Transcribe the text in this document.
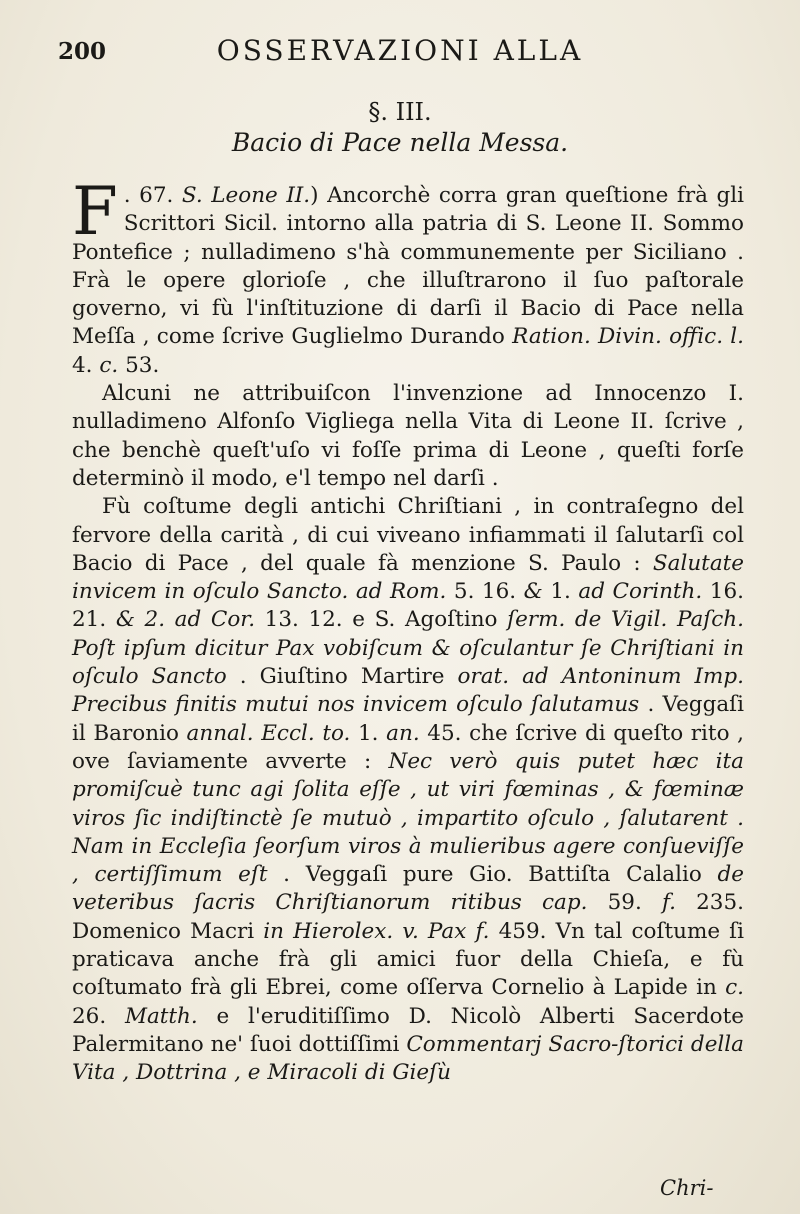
OSSERVAZIONI ALLA
200
§. III.
Bacio di Pace nella Messa.

F . 67. S. Leone II.) Ancorchè corra gran queſtione frà gli Scrittori Sicil. intorno alla patria di S. Leone II. Sommo Pontefice ; nulladimeno s'hà communemente per Siciliano . Frà le opere glorioſe , che illuſtrarono il ſuo paſtorale governo, vi fù l'inſtituzione di darſi il Bacio di Pace nella Meſſa , come ſcrive Guglielmo Durando Ration. Divin. offic. l. 4. c. 53.

Alcuni ne attribuiſcon l'invenzione ad Innocenzo I. nulladimeno Alfonſo Vigliega nella Vita di Leone II. ſcrive , che benchè queſt'uſo vi foſſe prima di Leone , queſti forſe determinò il modo, e'l tempo nel darſi .

Fù coſtume degli antichi Chriſtiani , in contraſegno del fervore della carità , di cui viveano infiammati il ſalutarſi col Bacio di Pace , del quale fà menzione S. Paulo : Salutate invicem in oſculo Sancto. ad Rom. 5. 16. & 1. ad Corinth. 16. 21. & 2. ad Cor. 13. 12. e S. Agoſtino ſerm. de Vigil. Paſch. Poſt ipſum dicitur Pax vobiſcum & oſculantur ſe Chriſtiani in oſculo Sancto . Giuſtino Martire orat. ad Antoninum Imp. Precibus finitis mutui nos invicem oſculo ſalutamus . Veggaſi il Baronio annal. Eccl. to. 1. an. 45. che ſcrive di queſto rito , ove ſaviamente avverte : Nec verò quis putet hæc ita promiſcuè tunc agi ſolita eſſe , ut viri fœminas , & fœminæ viros ſic indiſtinctè ſe mutuò , impartito oſculo , ſalutarent . Nam in Eccleſia ſeorſum viros à mulieribus agere conſueviſſe , certiſſimum eſt . Veggaſi pure Gio. Battiſta Calalio de veteribus ſacris Chriſtianorum ritibus cap. 59. f. 235. Domenico Macri in Hierolex. v. Pax f. 459. Vn tal coſtume ſi praticava anche frà gli amici fuor della Chieſa, e fù coſtumato frà gli Ebrei, come oſſerva Cornelio à Lapide in c. 26. Matth. e l'eruditiſſimo D. Nicolò Alberti Sacerdote Palermitano ne' ſuoi dottiſſimi Commentarj Sacro-ſtorici della Vita , Dottrina , e Miracoli di Gieſù

Chri-
